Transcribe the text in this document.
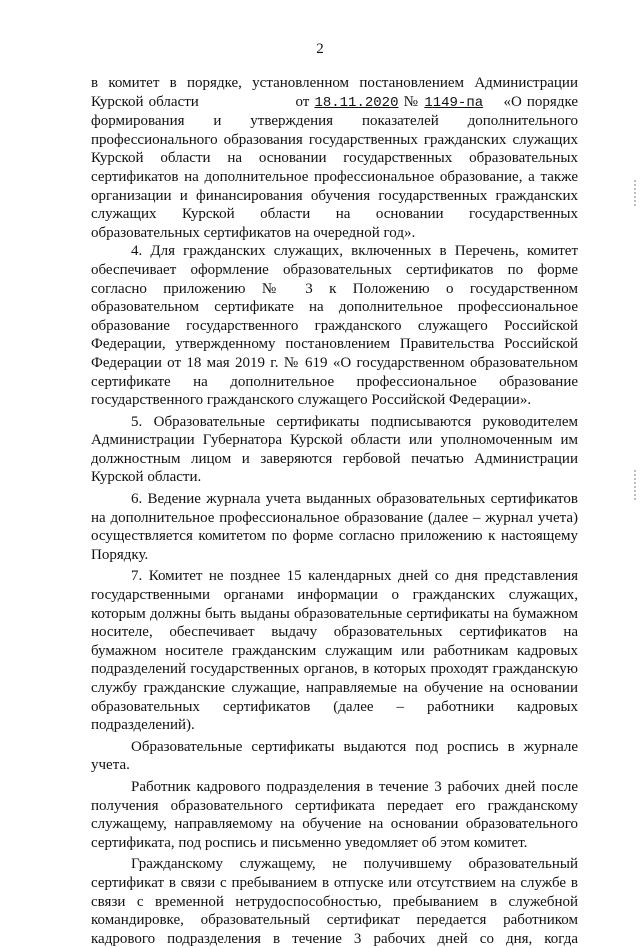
2
в комитет в порядке, установленном постановлением Администрации
Курской области	от 18.11.2020 № 1149-па «О порядке
формирования и утверждения показателей дополнительного
профессионального образования государственных гражданских служащих
Курской области на основании государственных образовательных
сертификатов на дополнительное профессиональное образование, а также
организации и финансирования обучения государственных гражданских
служащих Курской области на основании государственных
образовательных сертификатов на очередной год».
4. Для гражданских служащих, включенных в Перечень, комитет
обеспечивает оформление образовательных сертификатов по форме
согласно приложению № 3 к Положению о государственном
образовательном сертификате на дополнительное профессиональное
образование государственного гражданского служащего Российской
Федерации, утвержденному постановлением Правительства Российской
Федерации от 18 мая 2019 г. № 619 «О государственном образовательном
сертификате на дополнительное профессиональное образование
государственного гражданского служащего Российской Федерации».
5. Образовательные сертификаты подписываются руководителем
Администрации Губернатора Курской области или уполномоченным им
должностным лицом и заверяются гербовой печатью Администрации
Курской области.
6. Ведение журнала учета выданных образовательных сертификатов
на дополнительное профессиональное образование (далее – журнал учета)
осуществляется комитетом по форме согласно приложению к настоящему
Порядку.
7. Комитет не позднее 15 календарных дней со дня представления
государственными органами информации о гражданских служащих,
которым должны быть выданы образовательные сертификаты на бумажном
носителе, обеспечивает выдачу образовательных сертификатов на
бумажном носителе гражданским служащим или работникам кадровых
подразделений государственных органов, в которых проходят гражданскую
службу гражданские служащие, направляемые на обучение на основании
образовательных сертификатов (далее – работники кадровых
подразделений).
Образовательные сертификаты выдаются под роспись в журнале
учета.
Работник кадрового подразделения в течение 3 рабочих дней после
получения образовательного сертификата передает его гражданскому
служащему, направляемому на обучение на основании образовательного
сертификата, под роспись и письменно уведомляет об этом комитет.
Гражданскому служащему, не получившему образовательный
сертификат в связи с пребыванием в отпуске или отсутствием на службе в
связи с временной нетрудоспособностью, пребыванием в служебной
командировке, образовательный сертификат передается работником
кадрового подразделения в течение 3 рабочих дней со дня, когда
